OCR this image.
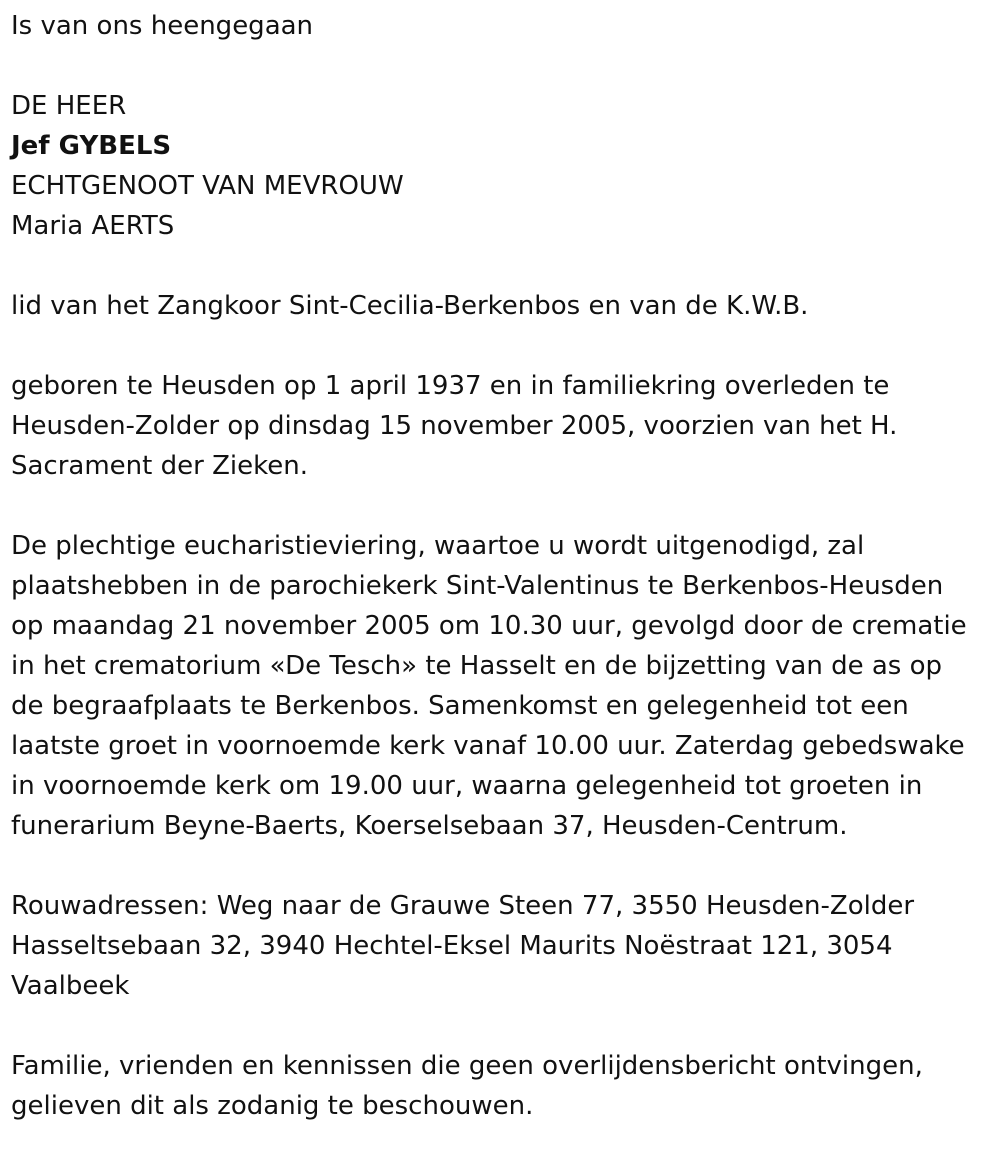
Is van ons heengegaan

DE HEER

Jef GYBELS

ECHTGENOOT VAN MEVROUW

Maria AERTS

lid van het Zangkoor Sint-Cecilia-Berkenbos en van de K.W.B.

geboren te Heusden op 1 april 1937 en in familiekring overleden te
Heusden-Zolder op dinsdag 15 november 2005, voorzien van het H.
Sacrament der Zieken.
De plechtige eucharistieviering, waartoe u wordt uitgenodigd, zal
plaatshebben in de parochiekerk Sint-Valentinus te Berkenbos-Heusden
op maandag 21 november 2005 om 10.30 uur, gevolgd door de crematie
in het crematorium «De Tesch» te Hasselt en de bijzetting van de as op
de begraafplaats te Berkenbos. Samenkomst en gelegenheid tot een
laatste groet in voornoemde kerk vanaf 10.00 uur. Zaterdag gebedswake
in voornoemde kerk om 19.00 uur, waarna gelegenheid tot groeten in
funerarium Beyne-Baerts, Koerselsebaan 37, Heusden-Centrum.
Rouwadressen: Weg naar de Grauwe Steen 77, 3550 Heusden-Zolder
Hasseltsebaan 32, 3940 Hechtel-Eksel Maurits Noëstraat 121, 3054
Vaalbeek
Familie, vrienden en kennissen die geen overlijdensbericht ontvingen,
gelieven dit als zodanig te beschouwen.
